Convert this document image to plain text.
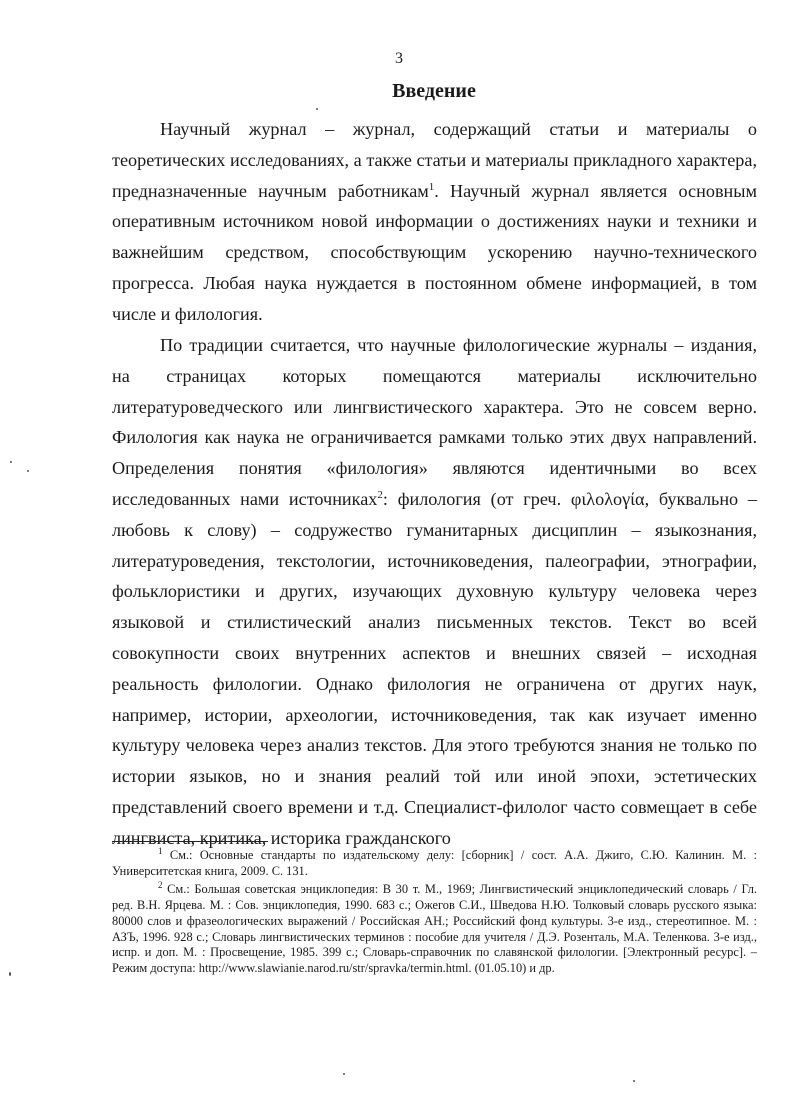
3
Введение

Научный журнал – журнал, содержащий статьи и материалы о теоретических исследованиях, а также статьи и материалы прикладного характера, предназначенные научным работникам$^1$. Научный журнал является основным оперативным источником новой информации о достижениях науки и техники и важнейшим средством, способствующим ускорению научно-технического прогресса. Любая наука нуждается в постоянном обмене информацией, в том числе и филология.

По традиции считается, что научные филологические журналы – издания, на страницах которых помещаются материалы исключительно литературоведческого или лингвистического характера. Это не совсем верно. Филология как наука не ограничивается рамками только этих двух направлений. Определения понятия «филология» являются идентичными во всех исследованных нами источниках$^2$: филология (от греч. φιλολογία, буквально – любовь к слову) – содружество гуманитарных дисциплин – языкознания, литературоведения, текстологии, источниковедения, палеографии, этнографии, фольклористики и других, изучающих духовную культуру человека через языковой и стилистический анализ письменных текстов. Текст во всей совокупности своих внутренних аспектов и внешних связей – исходная реальность филологии. Однако филология не ограничена от других наук, например, истории, археологии, источниковедения, так как изучает именно культуру человека через анализ текстов. Для этого требуются знания не только по истории языков, но и знания реалий той или иной эпохи, эстетических представлений своего времени и т.д. Специалист-филолог часто совмещает в себе лингвиста, критика, историка гражданского

$^1$ См.: Основные стандарты по издательскому делу: [сборник] / сост. А.А. Джиго, С.Ю. Калинин. М. : Университетская книга, 2009. С. 131.

$^2$ См.: Большая советская энциклопедия: В 30 т. М., 1969; Лингвистический энциклопедический словарь / Гл. ред. В.Н. Ярцева. М. : Сов. энциклопедия, 1990. 683 с.; Ожегов С.И., Шведова Н.Ю. Толковый словарь русского языка: 80000 слов и фразеологических выражений / Российская АН.; Российский фонд культуры. 3-е изд., стереотипное. М. : АЗЪ, 1996. 928 с.; Словарь лингвистических терминов : пособие для учителя / Д.Э. Розенталь, М.А. Теленкова. 3-е изд., испр. и доп. М. : Просвещение, 1985. 399 с.; Словарь-справочник по славянской филологии. [Электронный ресурс]. – Режим доступа: http://www.slawianie.narod.ru/str/spravka/termin.html. (01.05.10) и др.
